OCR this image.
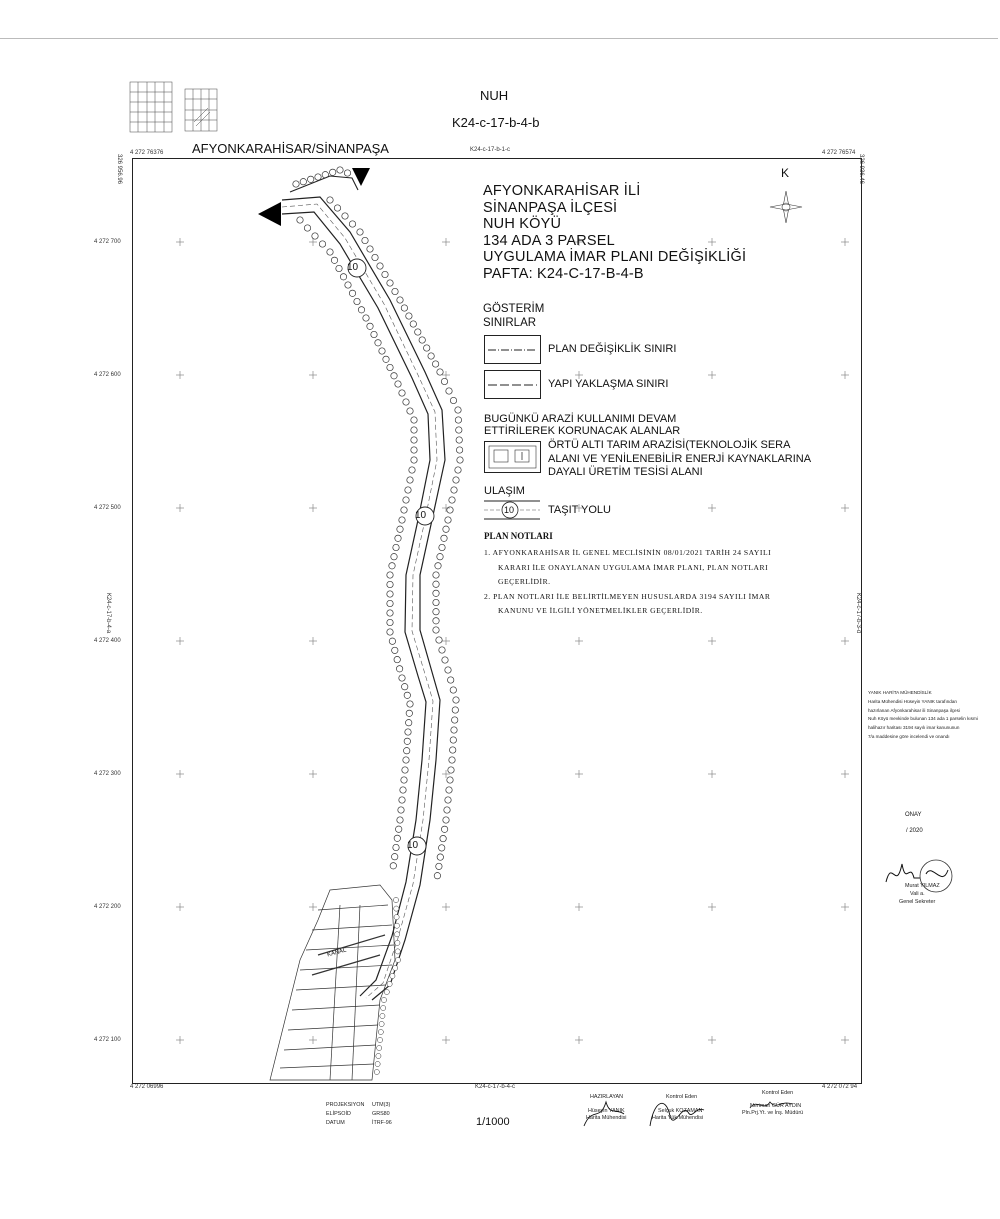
NUH
K24-c-17-b-4-b
AFYONKARAHİSAR/SİNANPAŞA	K24-c-17-b-1-c
K24-c-17-b-4-c
K24-c-17-b-4-a	K24-c-17-b-3-d
4 272 76376	4 272 76574
4 272 06996	4 272 072 94
4 272 700
4 272 600
4 272 500
4 272 400
4 272 300
4 272 200
4 272 100
326 956.96	326 936.46
K
10
10
10
KANAL
AFYONKARAHİSAR İLİ
SİNANPAŞA İLÇESİ
NUH KÖYÜ
134 ADA 3 PARSEL
UYGULAMA İMAR PLANI DEĞİŞİKLİĞİ
PAFTA: K24-C-17-B-4-B
GÖSTERİM
SINIRLAR
PLAN DEĞİŞİKLİK SINIRI
YAPI YAKLAŞMA SINIRI
BUGÜNKÜ ARAZİ KULLANIMI DEVAM
ETTİRİLEREK KORUNACAK ALANLAR
ÖRTÜ ALTI TARIM ARAZİSİ(TEKNOLOJİK SERA
ALANI VE YENİLENEBİLİR ENERJİ KAYNAKLARINA
DAYALI ÜRETİM TESİSİ ALANI
ULAŞIM
10	TAŞIT YOLU
PLAN NOTLARI
1. AFYONKARAHİSAR İL GENEL MECLİSİNİN 08/01/2021 TARİH 24 SAYILI
KARARI İLE ONAYLANAN UYGULAMA İMAR PLANI, PLAN NOTLARI
GEÇERLİDİR.
2. PLAN NOTLARI İLE BELİRTİLMEYEN HUSUSLARDA 3194 SAYILI İMAR
KANUNU VE İLGİLİ YÖNETMELİKLER GEÇERLİDİR.
YANIK HARİTA MÜHENDİSLİK
Harita Mühendisi Hüseyin YANIK tarafından
hazırlanan Afyonkarahisar ili Sinanpaşa ilçesi
Nuh Köyü mevkinde bulunan 134 ada 1 parselin kısmi
halihazır haritası 3194 sayılı imar kanununun
7/a maddesine göre incelendi ve onandı
ONAY
/ 2020
Murat YILMAZ
Vali a.
Genel Sekreter
PROJEKSIYON UTM(3)
ELİPSOİD	GRS80
DATUM	İTRF-96	1/1000
HAZIRLAYAN
Hüseyin YANIK
Harita Mühendisi
Kontrol Eden
Selçuk KOZAMAN
Harita Yük.Mühendisi
Kontrol Eden
Neriman GÜR AYDIN
Pln.Prj.Yt. ve İnş. Müdürü
